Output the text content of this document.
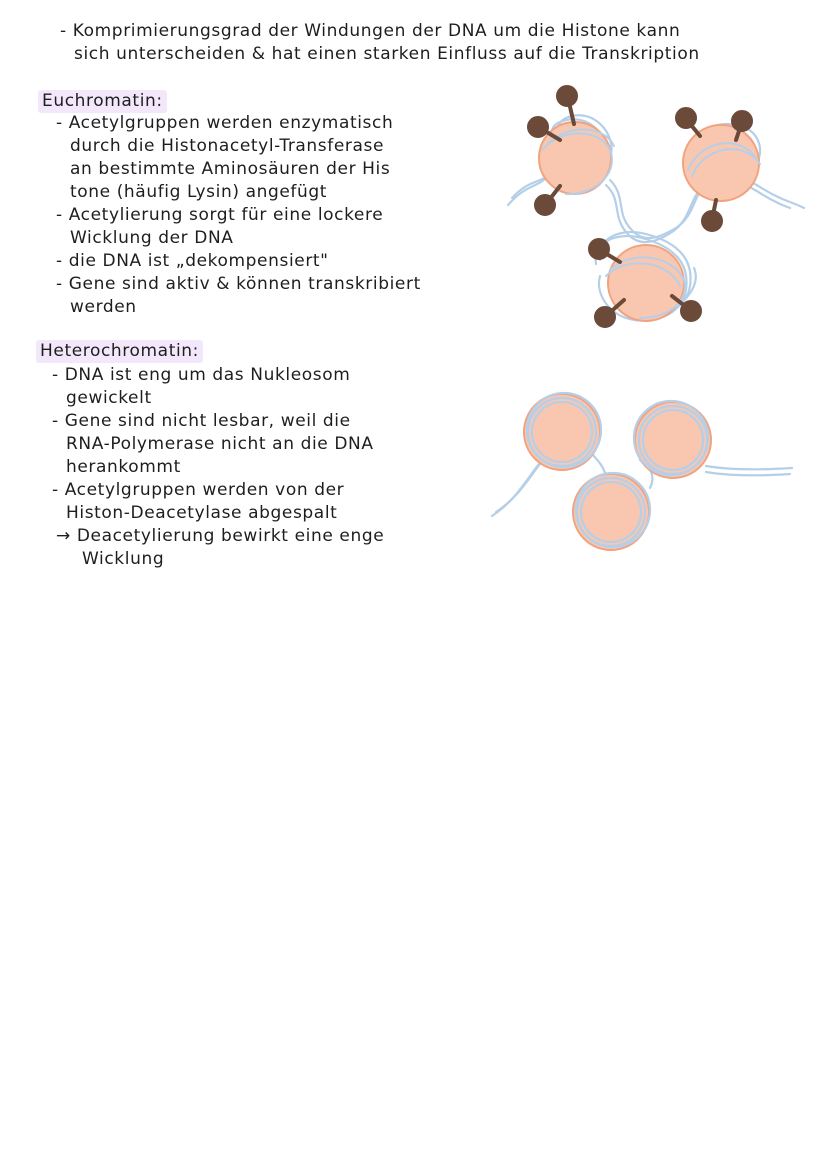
- Komprimierungsgrad der Windungen der DNA um die Histone kann
sich unterscheiden & hat einen starken Einfluss auf die Transkription
Euchromatin:
- Acetylgruppen werden enzymatisch
durch die Histonacetyl-Transferase
an bestimmte Aminosäuren der His
tone (häufig Lysin) angefügt
- Acetylierung sorgt für eine lockere
Wicklung der DNA
- die DNA ist „dekompensiert"
- Gene sind aktiv & können transkribiert
werden
Heterochromatin:
- DNA ist eng um das Nukleosom
gewickelt
- Gene sind nicht lesbar, weil die
RNA-Polymerase nicht an die DNA
herankommt
- Acetylgruppen werden von der
Histon-Deacetylase abgespalt
→ Deacetylierung bewirkt eine enge
Wicklung
